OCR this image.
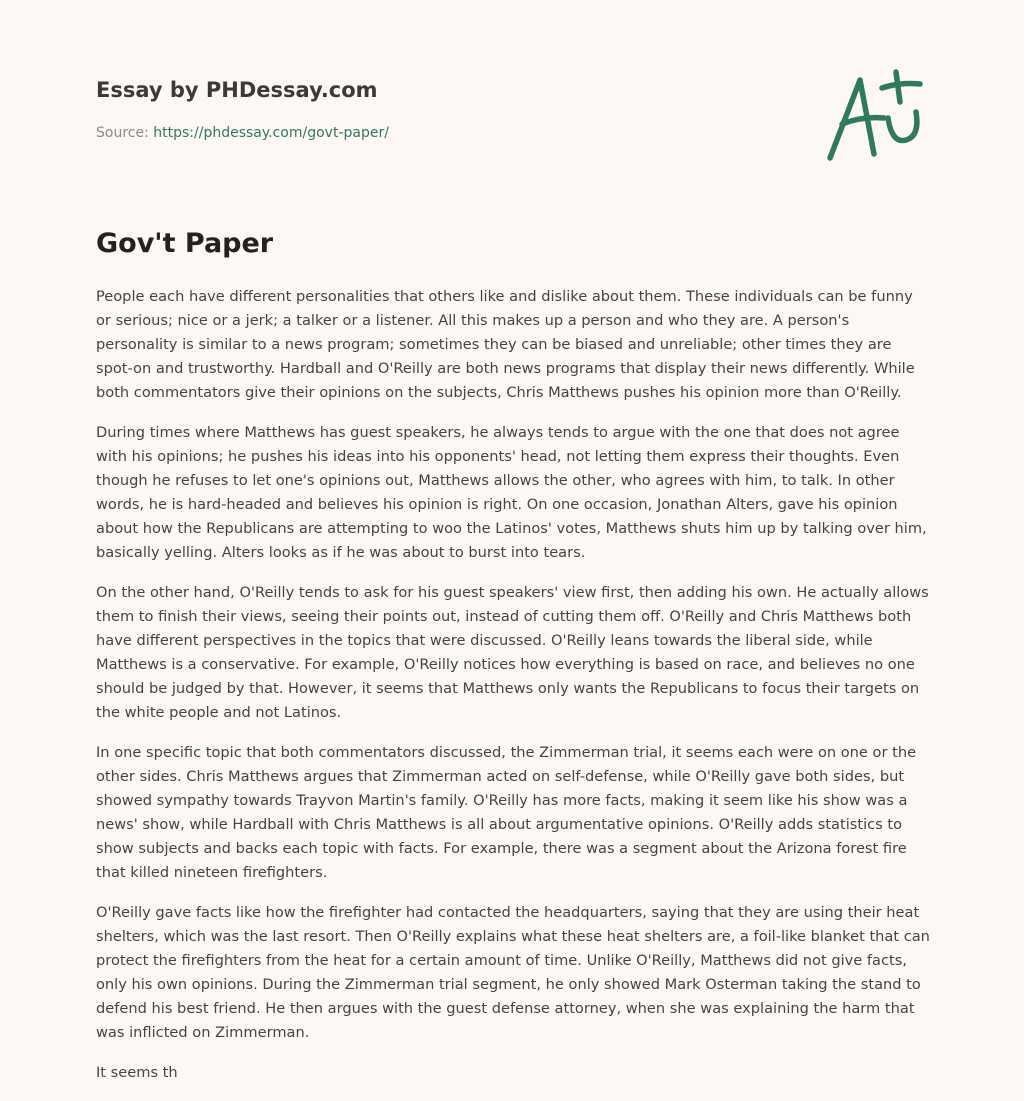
Essay by PHDessay.com
Source: https://phdessay.com/govt-paper/
Gov't Paper

People each have different personalities that others like and dislike about them. These individuals can be funny or serious; nice or a jerk; a talker or a listener. All this makes up a person and who they are. A person's personality is similar to a news program; sometimes they can be biased and unreliable; other times they are spot-on and trustworthy. Hardball and O'Reilly are both news programs that display their news differently. While both commentators give their opinions on the subjects, Chris Matthews pushes his opinion more than O'Reilly.

During times where Matthews has guest speakers, he always tends to argue with the one that does not agree with his opinions; he pushes his ideas into his opponents' head, not letting them express their thoughts. Even though he refuses to let one's opinions out, Matthews allows the other, who agrees with him, to talk. In other words, he is hard-headed and believes his opinion is right. On one occasion, Jonathan Alters, gave his opinion about how the Republicans are attempting to woo the Latinos' votes, Matthews shuts him up by talking over him, basically yelling. Alters looks as if he was about to burst into tears.

On the other hand, O'Reilly tends to ask for his guest speakers' view first, then adding his own. He actually allows them to finish their views, seeing their points out, instead of cutting them off. O'Reilly and Chris Matthews both have different perspectives in the topics that were discussed. O'Reilly leans towards the liberal side, while Matthews is a conservative. For example, O'Reilly notices how everything is based on race, and believes no one should be judged by that. However, it seems that Matthews only wants the Republicans to focus their targets on the white people and not Latinos.

In one specific topic that both commentators discussed, the Zimmerman trial, it seems each were on one or the other sides. Chris Matthews argues that Zimmerman acted on self-defense, while O'Reilly gave both sides, but showed sympathy towards Trayvon Martin's family. O'Reilly has more facts, making it seem like his show was a news' show, while Hardball with Chris Matthews is all about argumentative opinions. O'Reilly adds statistics to show subjects and backs each topic with facts. For example, there was a segment about the Arizona forest fire that killed nineteen firefighters.

O'Reilly gave facts like how the firefighter had contacted the headquarters, saying that they are using their heat shelters, which was the last resort. Then O'Reilly explains what these heat shelters are, a foil-like blanket that can protect the firefighters from the heat for a certain amount of time. Unlike O'Reilly, Matthews did not give facts, only his own opinions. During the Zimmerman trial segment, he only showed Mark Osterman taking the stand to defend his best friend. He then argues with the guest defense attorney, when she was explaining the harm that was inflicted on Zimmerman.

It seems th
